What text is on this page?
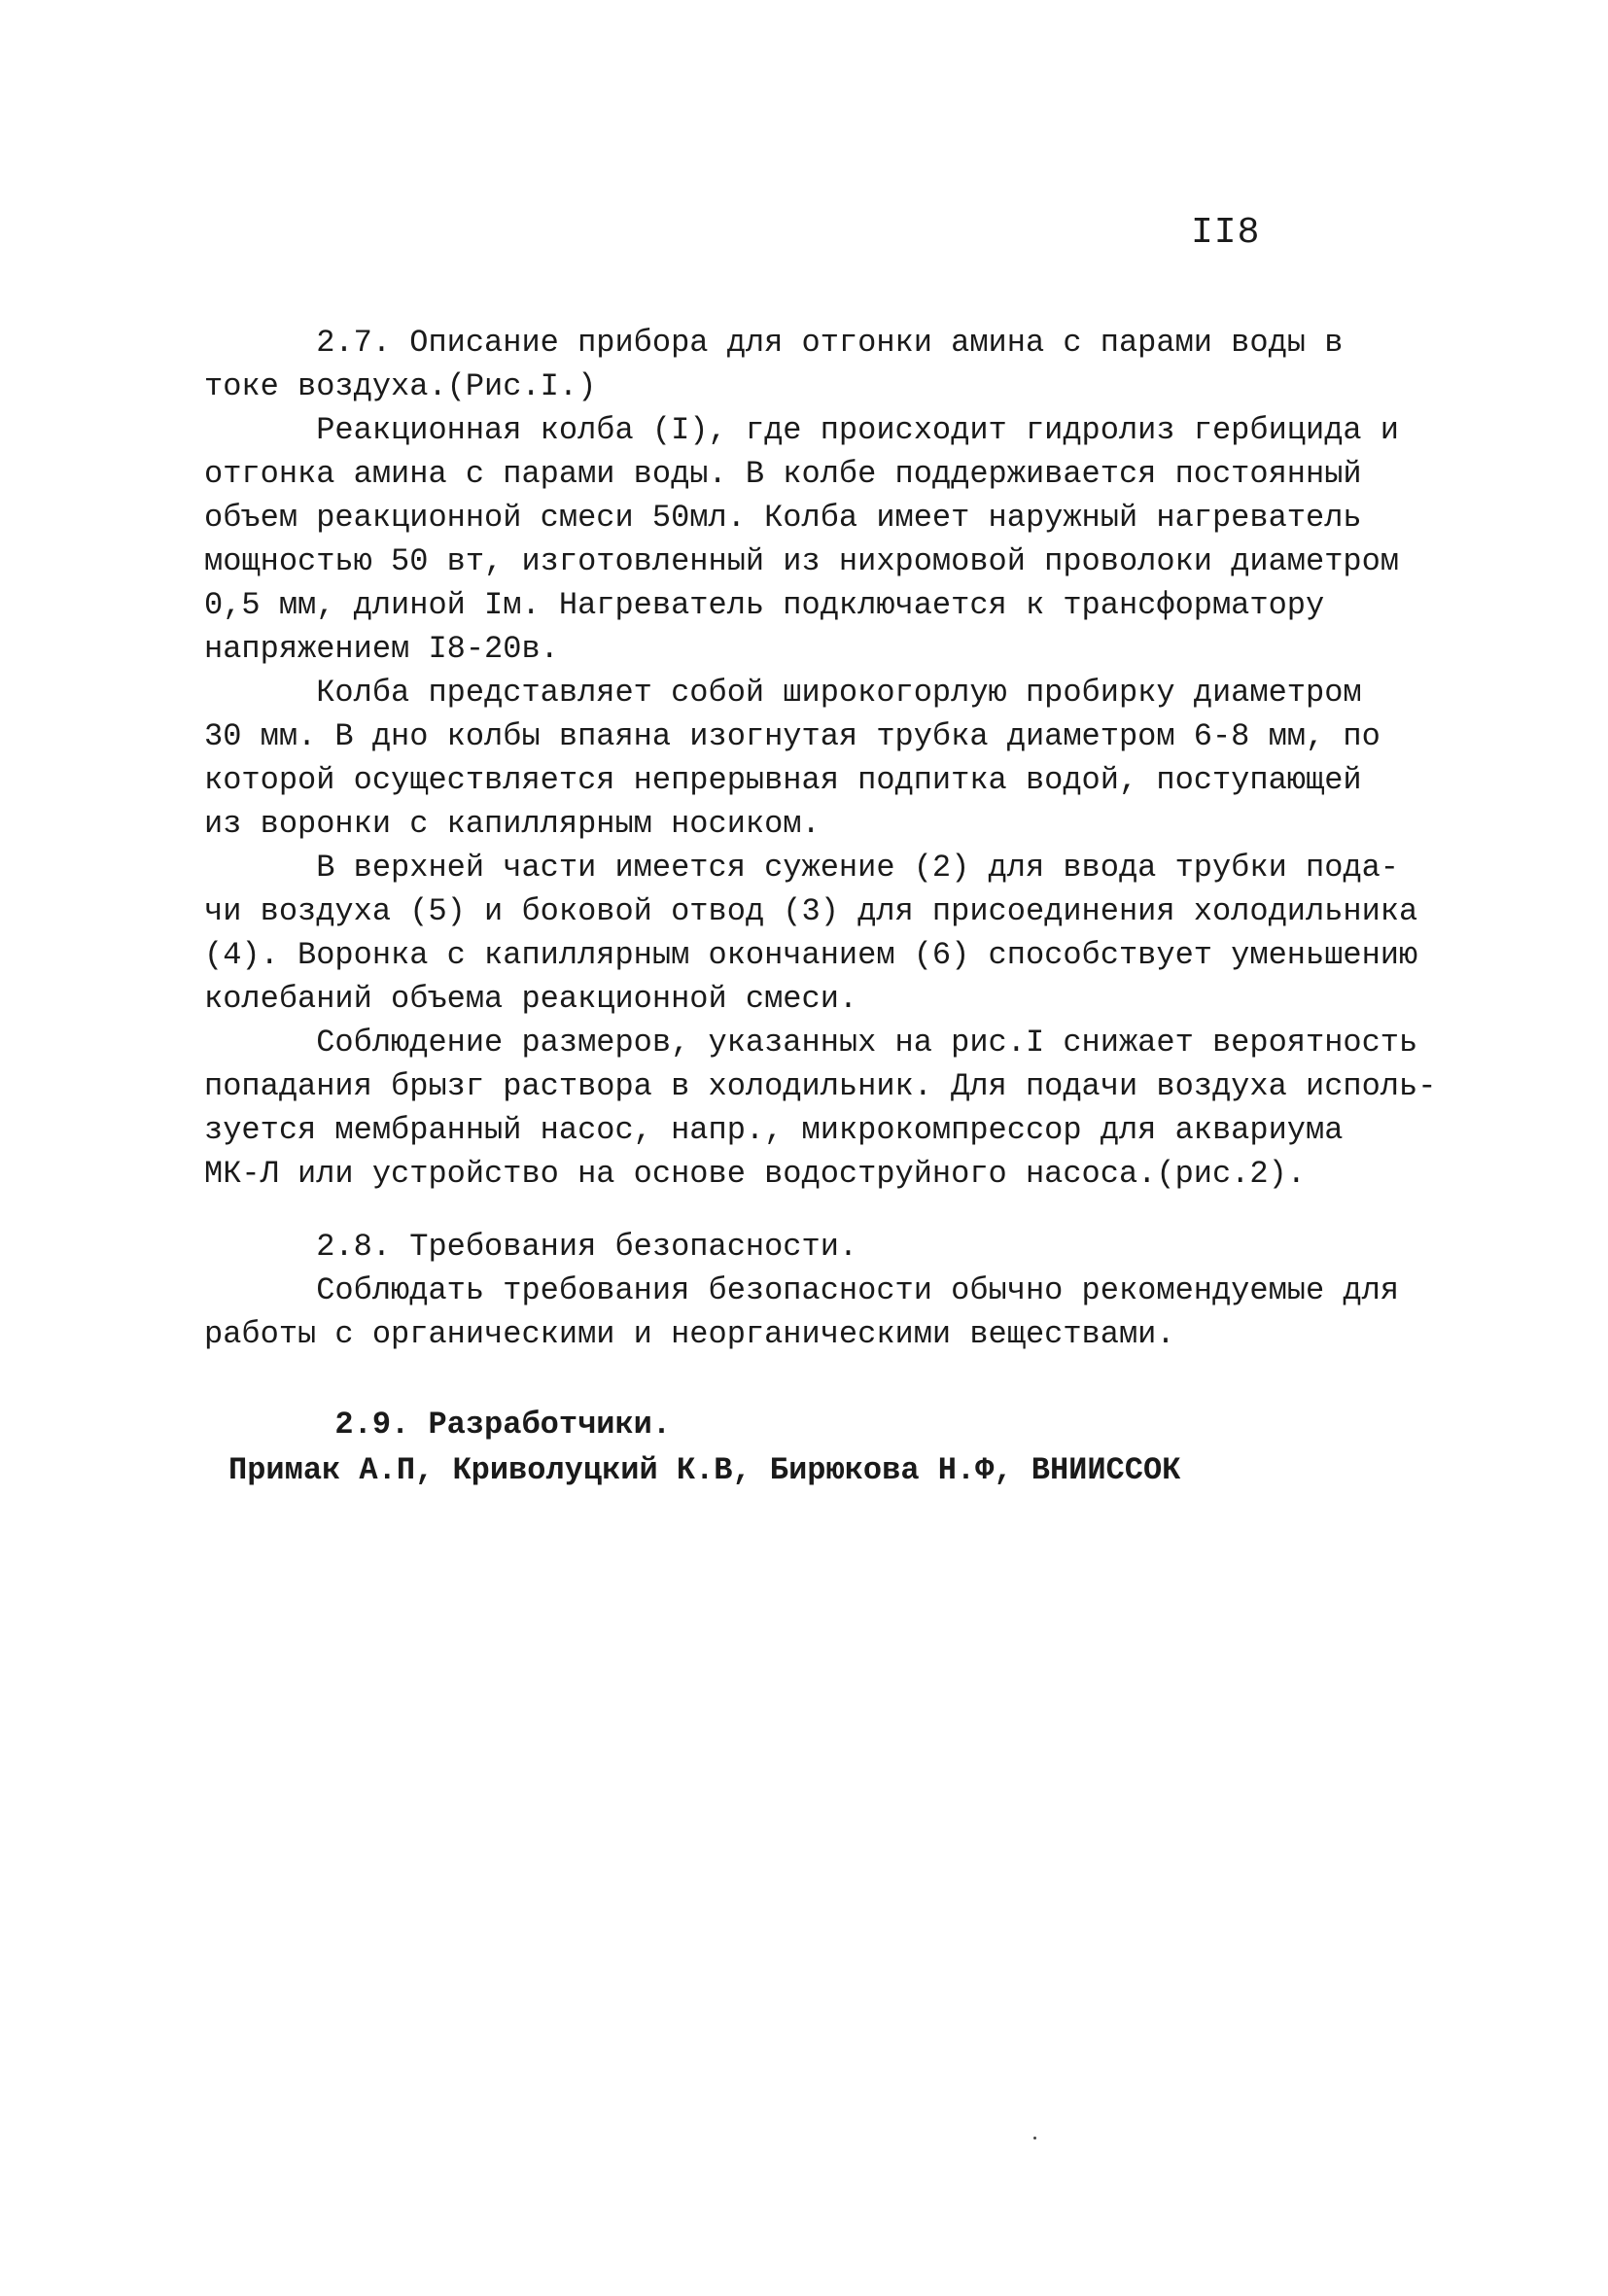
II8
2.7. Описание прибора для отгонки амина с парами воды в
токе воздуха.(Рис.I.)
Реакционная колба (I), где происходит гидролиз гербицида и
отгонка амина с парами воды. В колбе поддерживается постоянный
объем реакционной смеси 50мл. Колба имеет наружный нагреватель
мощностью 50 вт, изготовленный из нихромовой проволоки диаметром
0,5 мм, длиной Iм. Нагреватель подключается к трансформатору
напряжением I8-20в.
Колба представляет собой широкогорлую пробирку диаметром
30 мм. В дно колбы впаяна изогнутая трубка диаметром 6-8 мм, по
которой осуществляется непрерывная подпитка водой, поступающей
из воронки с капиллярным носиком.
В верхней части имеется сужение (2) для ввода трубки пода-
чи воздуха (5) и боковой отвод (3) для присоединения холодильника
(4). Воронка с капиллярным окончанием (6) способствует уменьшению
колебаний объема реакционной смеси.
Соблюдение размеров, указанных на рис.I снижает вероятность
попадания брызг раствора в холодильник. Для подачи воздуха исполь-
зуется мембранный насос, напр., микрокомпрессор для аквариума
МК-Л или устройство на основе водоструйного насоса.(рис.2).
2.8. Требования безопасности.
Соблюдать требования безопасности обычно рекомендуемые для
работы с органическими и неорганическими веществами.
2.9. Разработчики.
Примак А.П, Криволуцкий К.В, Бирюкова Н.Ф, ВНИИССОК
